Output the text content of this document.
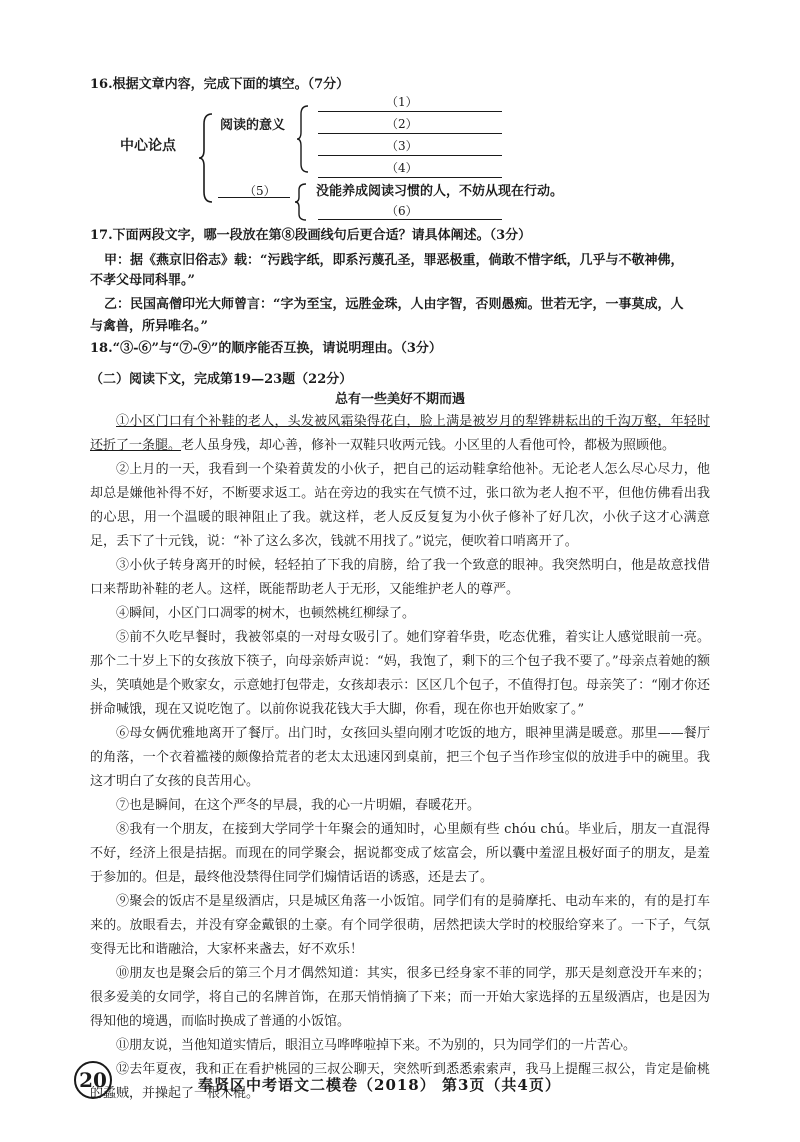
16.根据文章内容，完成下面的填空。（7分）
中心论点
阅读的意义
（1）
（2）
（3）
（4）
（5）	没能养成阅读习惯的人，不妨从现在行动。
（6）
17.下面两段文字，哪一段放在第⑧段画线句后更合适？请具体阐述。（3分）
甲：据《燕京旧俗志》载：“污践字纸，即系污蔑孔圣，罪恶极重，倘敢不惜字纸，几乎与不敬神佛，
不孝父母同科罪。”
乙：民国高僧印光大师曾言：“字为至宝，远胜金珠，人由字智，否则愚痴。世若无字，一事莫成，人
与禽兽，所异唯名。”
18.“③-⑥”与“⑦-⑨”的顺序能否互换，请说明理由。（3分）
（二）阅读下文，完成第19—23题（22分）
总有一些美好不期而遇

①小区门口有个补鞋的老人，头发被风霜染得花白，脸上满是被岁月的犁铧耕耘出的千沟万壑，年轻时还折了一条腿。老人虽身残，却心善，修补一双鞋只收两元钱。小区里的人看他可怜，都极为照顾他。

②上月的一天，我看到一个染着黄发的小伙子，把自己的运动鞋拿给他补。无论老人怎么尽心尽力，他却总是嫌他补得不好，不断要求返工。站在旁边的我实在气愤不过，张口欲为老人抱不平，但他仿佛看出我的心思，用一个温暖的眼神阻止了我。就这样，老人反反复复为小伙子修补了好几次，小伙子这才心满意足，丢下了十元钱，说：“补了这么多次，钱就不用找了。”说完，便吹着口哨离开了。

③小伙子转身离开的时候，轻轻拍了下我的肩膀，给了我一个致意的眼神。我突然明白，他是故意找借口来帮助补鞋的老人。这样，既能帮助老人于无形，又能维护老人的尊严。

④瞬间，小区门口凋零的树木，也顿然桃红柳绿了。

⑤前不久吃早餐时，我被邻桌的一对母女吸引了。她们穿着华贵，吃态优雅，着实让人感觉眼前一亮。那个二十岁上下的女孩放下筷子，向母亲娇声说：“妈，我饱了，剩下的三个包子我不要了。”母亲点着她的额头，笑嗔她是个败家女，示意她打包带走，女孩却表示：区区几个包子，不值得打包。母亲笑了：“刚才你还拼命喊饿，现在又说吃饱了。以前你说我花钱大手大脚，你看，现在你也开始败家了。”

⑥母女俩优雅地离开了餐厅。出门时，女孩回头望向刚才吃饭的地方，眼神里满是暖意。那里——餐厅的角落，一个衣着褴褛的颇像拾荒者的老太太迅速冈到桌前，把三个包子当作珍宝似的放进手中的碗里。我这才明白了女孩的良苦用心。

⑦也是瞬间，在这个严冬的早晨，我的心一片明媚，春暖花开。

⑧我有一个朋友，在接到大学同学十年聚会的通知时，心里颇有些 chóu chú。毕业后，朋友一直混得不好，经济上很是拮据。而现在的同学聚会，据说都变成了炫富会，所以囊中羞涩且极好面子的朋友，是羞于参加的。但是，最终他没禁得住同学们煽情话语的诱惑，还是去了。

⑨聚会的饭店不是星级酒店，只是城区角落一小饭馆。同学们有的是骑摩托、电动车来的，有的是打车来的。放眼看去，并没有穿金戴银的土豪。有个同学很萌，居然把读大学时的校服给穿来了。一下子，气氛变得无比和谐融洽，大家杯来盏去，好不欢乐！

⑩朋友也是聚会后的第三个月才偶然知道：其实，很多已经身家不菲的同学，那天是刻意没开车来的；很多爱美的女同学，将自己的名牌首饰，在那天悄悄摘了下来；而一开始大家选择的五星级酒店，也是因为得知他的境遇，而临时换成了普通的小饭馆。

⑪朋友说，当他知道实情后，眼泪立马哗哗啦掉下来。不为别的，只为同学们的一片苦心。

⑫去年夏夜，我和正在看护桃园的三叔公聊天，突然听到悉悉索索声，我马上提醒三叔公，肯定是偷桃的蟊贼，并操起了一根木棍。

20	奉贤区中考语文二模卷（2018） 第3页（共4页）
